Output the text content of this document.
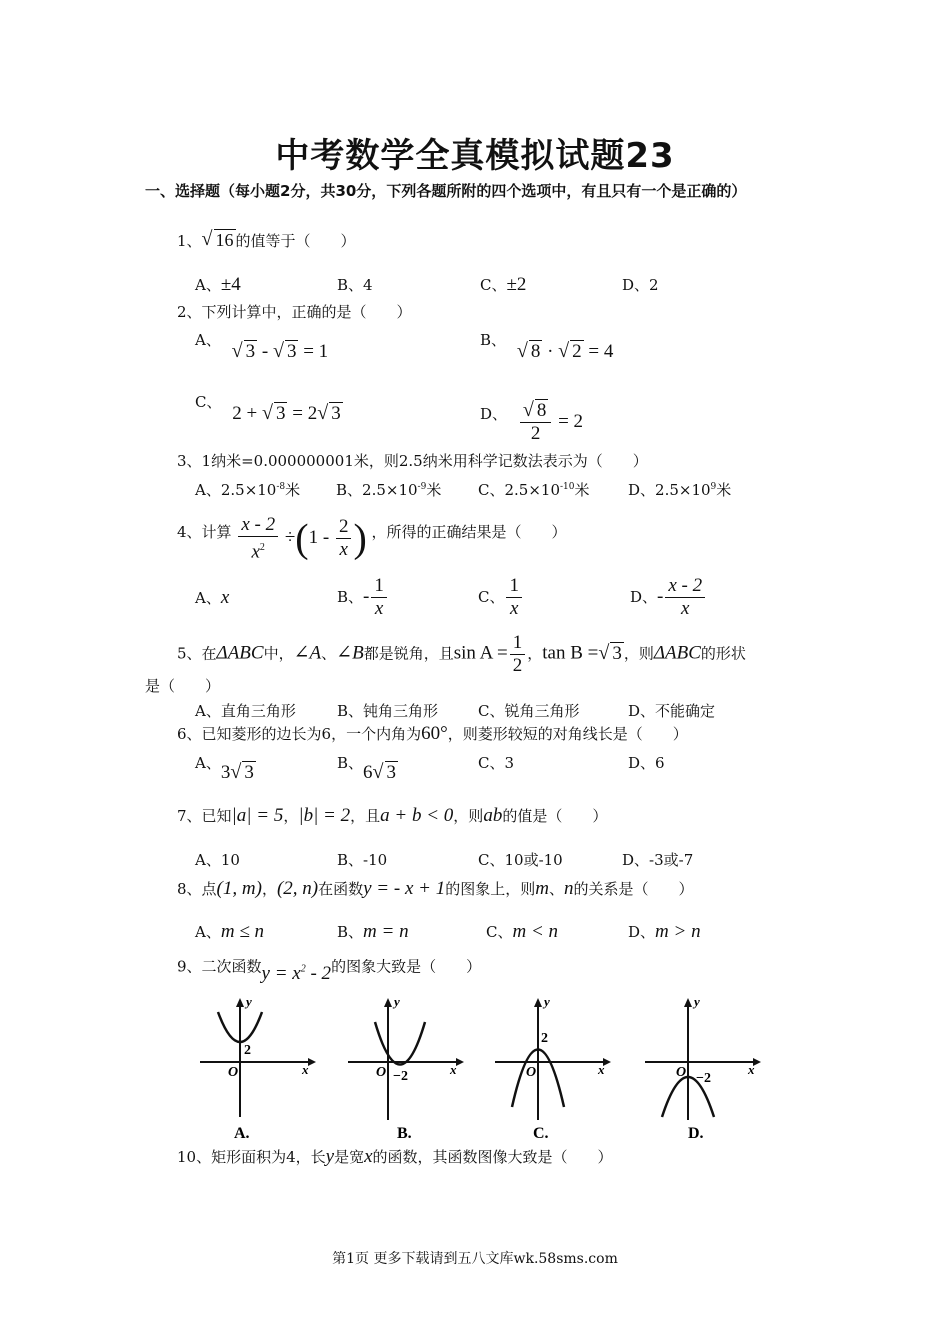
中考数学全真模拟试题23
一、选择题（每小题2分，共30分，下列各题所附的四个选项中，有且只有一个是正确的）
1、 √ 16 的值等于（　　）
A、±4	B、4	C、±2	D、2
2、下列计算中，正确的是（　　）
A、 √ 3 - √ 3 = 1
B、 √ 8 · √ 2 = 4
C、 2 + √ 3 = 2 √ 3	D、 $\frac{√ 8}{2} = 2$
3、1纳米=0.000000001米，则2.5纳米用科学记数法表示为（　　）
A、$2.5\times 10^{-8}$米 B、$2.5\times 10^{-9}$米 C、$2.5\times 10^{-10}$米	D、$2.5\times 10^9$米
4、计算 $\frac{x - 2}{x^2} \div(1 - \frac{2}{x}$ ) ，所得的正确结果是（　　）
A、x	B、- $\frac{1}{x}$	C、 $\frac{1}{x}$	D、- $\frac{x - 2}{x}$
5、在ΔABC中，∠A、∠B都是锐角，且$\sin A = \frac{1}{2}$ ，tan B = √ 3 ，则ΔABC的形状
是（　　）
A、直角三角形	B、钝角三角形	C、锐角三角形	D、不能确定
6、已知菱形的边长为6，一个内角为60°，则菱形较短的对角线长是（　　）
A、3 √ 3	B、6 √ 3	C、3	D、6
7、已知|a| = 5，|b| = 2，且a + b < 0，则ab的值是（　　）
A、10	B、-10	C、10或-10	D、-3或-7
8、点(1, m)，(2, n)在函数y = - x + 1的图象上，则m、n的关系是（　　）
A、m ≤ n	B、m = n	C、m < n	D、m > n
9、二次函数$y = x^2 - 2$的图象大致是（　　）
y
x
O
2
A.
y
x
O −2
B.
y
x
O
2
C.
y
x
O −2
D.
10、矩形面积为4，长y是宽x的函数，其函数图像大致是（　　）
第1页 更多下载请到五八文库wk.58sms.com
